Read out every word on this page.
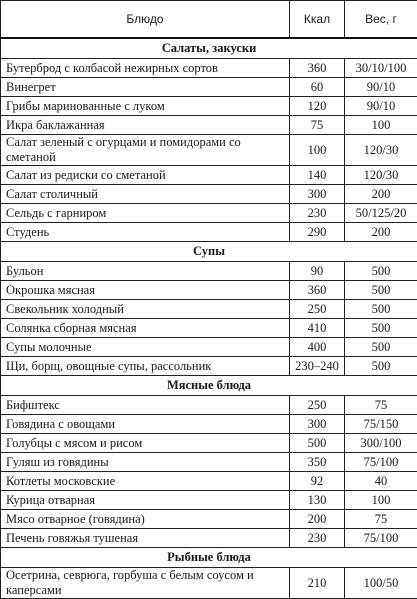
Блюдо	Ккал	Вес, г
Салаты, закуски		
Бутерброд с колбасой нежирных сортов	360	30/10/100
Винегрет	60	90/10
Грибы маринованные с луком	120	90/10
Икра баклажанная	75	100
Салат зеленый с огурцами и помидорами со сметаной	100	120/30
Салат из редиски со сметаной	140	120/30
Салат столичный	300	200
Сельдь с гарниром	230	50/125/20
Студень	290	200
Супы		
Бульон	90	500
Окрошка мясная	360	500
Свекольник холодный	250	500
Солянка сборная мясная	410	500
Супы молочные	400	500
Щи, борщ, овощные супы, рассольник	230–240	500
Мясные блюда		
Бифштекс	250	75
Говядина с овощами	300	75/150
Голубцы с мясом и рисом	500	300/100
Гуляш из говядины	350	75/100
Котлеты московские	92	40
Курица отварная	130	100
Мясо отварное (говядина)	200	75
Печень говяжья тушеная	230	75/100
Рыбные блюда		
Осетрина, севрюга, горбуша с белым соусом и каперсами	210	100/50
